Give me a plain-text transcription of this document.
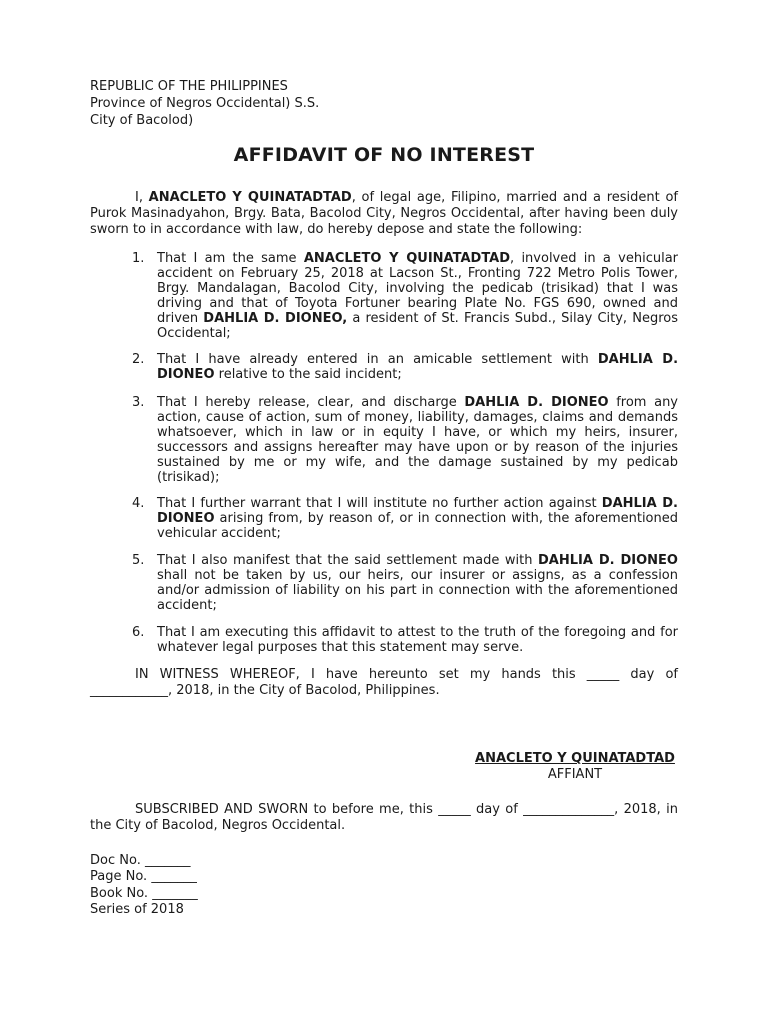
REPUBLIC OF THE PHILIPPINES
Province of Negros Occidental) S.S.
City of Bacolod)
AFFIDAVIT OF NO INTEREST
I, ANACLETO Y QUINATADTAD, of legal age, Filipino, married and a resident of Purok Masinadyahon, Brgy. Bata, Bacolod City, Negros Occidental, after having been duly sworn to in accordance with law, do hereby depose and state the following:
1. That I am the same ANACLETO Y QUINATADTAD, involved in a vehicular accident on February 25, 2018 at Lacson St., Fronting 722 Metro Polis Tower, Brgy. Mandalagan, Bacolod City, involving the pedicab (trisikad) that I was driving and that of Toyota Fortuner bearing Plate No. FGS 690, owned and driven DAHLIA D. DIONEO, a resident of St. Francis Subd., Silay City, Negros Occidental;
2. That I have already entered in an amicable settlement with DAHLIA D. DIONEO relative to the said incident;
3. That I hereby release, clear, and discharge DAHLIA D. DIONEO from any action, cause of action, sum of money, liability, damages, claims and demands whatsoever, which in law or in equity I have, or which my heirs, insurer, successors and assigns hereafter may have upon or by reason of the injuries sustained by me or my wife, and the damage sustained by my pedicab (trisikad);
4. That I further warrant that I will institute no further action against DAHLIA D. DIONEO arising from, by reason of, or in connection with, the aforementioned vehicular accident;
5. That I also manifest that the said settlement made with DAHLIA D. DIONEO shall not be taken by us, our heirs, our insurer or assigns, as a confession and/or admission of liability on his part in connection with the aforementioned accident;
6. That I am executing this affidavit to attest to the truth of the foregoing and for whatever legal purposes that this statement may serve.
IN WITNESS WHEREOF, I have hereunto set my hands this _____ day of ____________, 2018, in the City of Bacolod, Philippines.
ANACLETO Y QUINATADTAD
AFFIANT
SUBSCRIBED AND SWORN to before me, this _____ day of ______________, 2018, in the City of Bacolod, Negros Occidental.
Doc No. _______
Page No. _______
Book No. _______
Series of 2018
